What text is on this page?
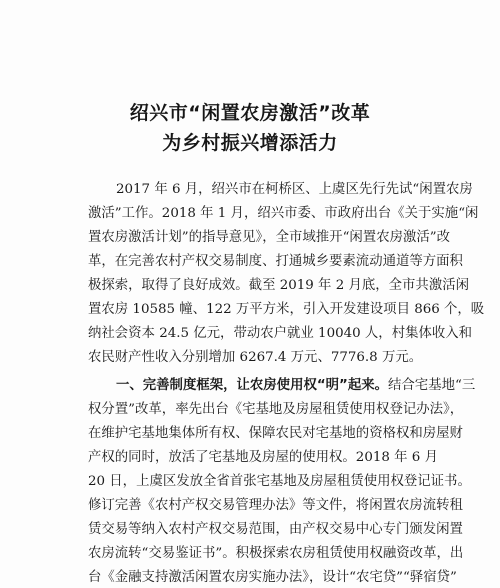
绍兴市“闲置农房激活”改革
为乡村振兴增添活力
2017 年 6 月，绍兴市在柯桥区、上虞区先行先试“闲置农房
激活”工作。2018 年 1 月，绍兴市委、市政府出台《关于实施“闲
置农房激活计划”的指导意见》，全市域推开“闲置农房激活”改
革，在完善农村产权交易制度、打通城乡要素流动通道等方面积
极探索，取得了良好成效。截至 2019 年 2 月底，全市共激活闲
置农房 10585 幢、122 万平方米，引入开发建设项目 866 个，吸
纳社会资本 24.5 亿元，带动农户就业 10040 人，村集体收入和
农民财产性收入分别增加 6267.4 万元、7776.8 万元。
一、完善制度框架，让农房使用权“明”起来。结合宅基地“三
权分置”改革，率先出台《宅基地及房屋租赁使用权登记办法》，
在维护宅基地集体所有权、保障农民对宅基地的资格权和房屋财
产权的同时，放活了宅基地及房屋的使用权。2018 年 6 月
20 日，上虞区发放全省首张宅基地及房屋租赁使用权登记证书。
修订完善《农村产权交易管理办法》等文件，将闲置农房流转租
赁交易等纳入农村产权交易范围，由产权交易中心专门颁发闲置
农房流转“交易鉴证书”。积极探索农房租赁使用权融资改革，出
台《金融支持激活闲置农房实施办法》，设计“农宅贷”“驿宿贷”
